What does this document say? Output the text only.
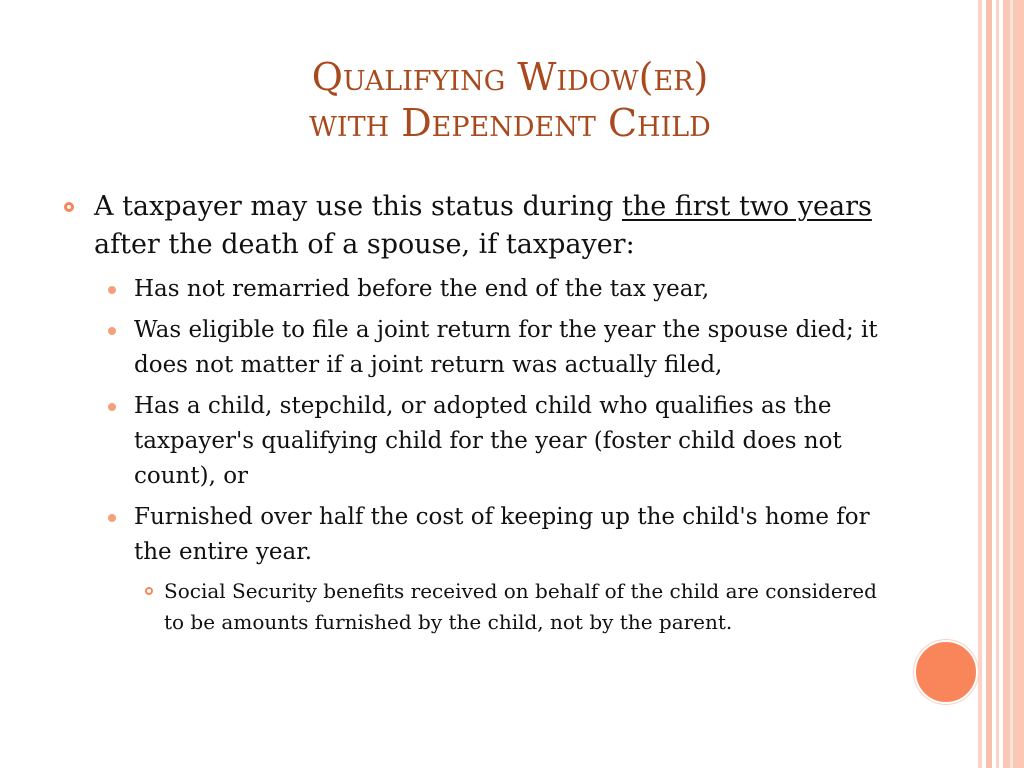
Qualifying Widow(er)
with Dependent Child

A taxpayer may use this status during the first two years after the death of a spouse, if taxpayer:

Has not remarried before the end of the tax year,

Was eligible to file a joint return for the year the spouse died; it does not matter if a joint return was actually filed,

Has a child, stepchild, or adopted child who qualifies as the taxpayer's qualifying child for the year (foster child does not count), or

Furnished over half the cost of keeping up the child's home for the entire year.

Social Security benefits received on behalf of the child are considered to be amounts furnished by the child, not by the parent.
